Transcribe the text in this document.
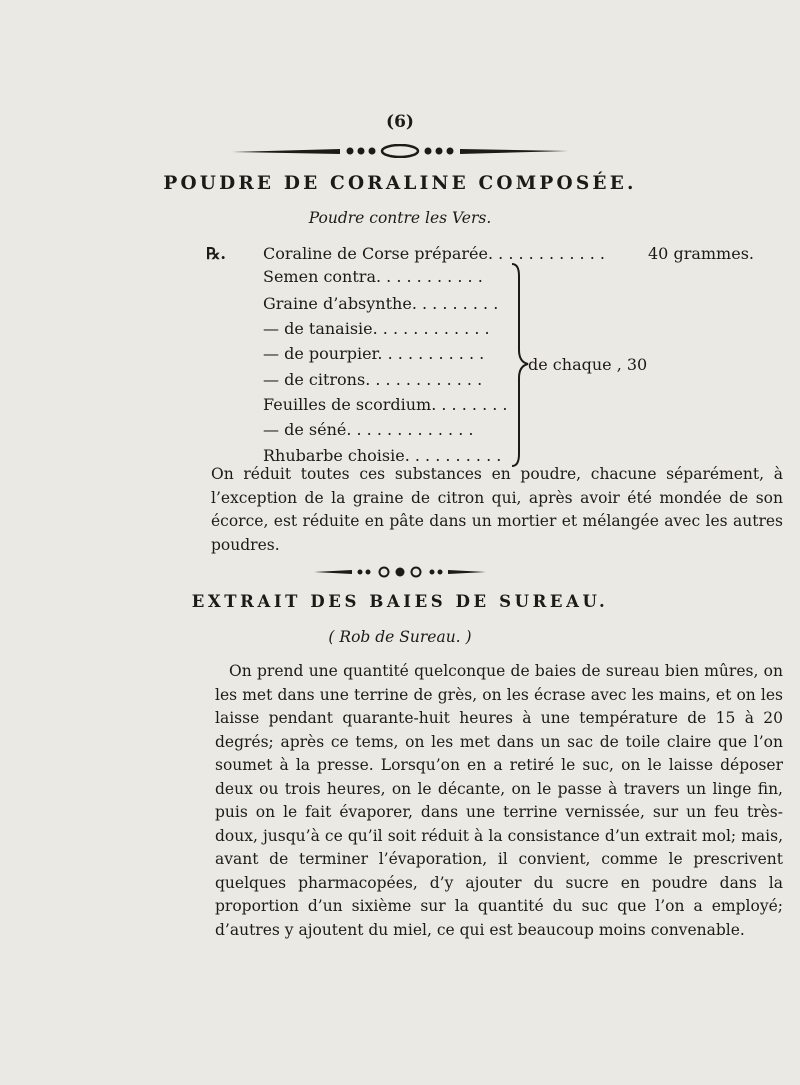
(6)
POUDRE DE CORALINE COMPOSÉE.
Poudre contre les Vers.
℞. Coraline de Corse préparée. . . . . . . . . . . .	40 grammes.
Semen contra. . . . . . . . . . .
Graine d’absynthe. . . . . . . . .
— de tanaisie. . . . . . . . . . . .
— de pourpier. . . . . . . . . . .
— de citrons. . . . . . . . . . . .
Feuilles de scordium. . . . . . . .
— de séné. . . . . . . . . . . . .
Rhubarbe choisie. . . . . . . . . .
de chaque , 30
On réduit toutes ces substances en poudre, chacune séparément, à l’exception de la graine de citron qui, après avoir été mondée de son écorce, est réduite en pâte dans un mortier et mélangée avec les autres poudres.
EXTRAIT DES BAIES DE SUREAU.
( Rob de Sureau. )
On prend une quantité quelconque de baies de sureau bien mûres, on les met dans une terrine de grès, on les écrase avec les mains, et on les laisse pendant quarante-huit heures à une température de 15 à 20 degrés; après ce tems, on les met dans un sac de toile claire que l’on soumet à la presse. Lorsqu’on en a retiré le suc, on le laisse déposer deux ou trois heures, on le décante, on le passe à travers un linge fin, puis on le fait évaporer, dans une terrine vernissée, sur un feu très-doux, jusqu’à ce qu’il soit réduit à la consistance d’un extrait mol; mais, avant de terminer l’évaporation, il convient, comme le prescrivent quelques pharmacopées, d’y ajouter du sucre en poudre dans la proportion d’un sixième sur la quantité du suc que l’on a employé; d’autres y ajoutent du miel, ce qui est beaucoup moins convenable.
